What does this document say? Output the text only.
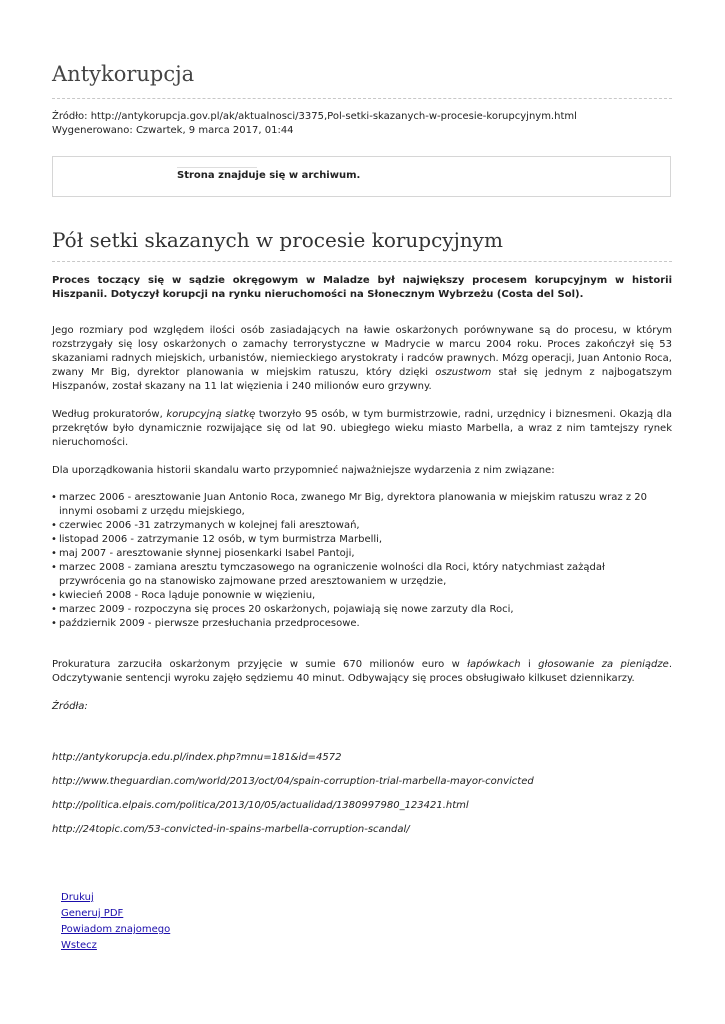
Antykorupcja
Źródło: http://antykorupcja.gov.pl/ak/aktualnosci/3375,Pol-setki-skazanych-w-procesie-korupcyjnym.html
Wygenerowano: Czwartek, 9 marca 2017, 01:44
Strona znajduje się w archiwum.
Pół setki skazanych w procesie korupcyjnym

Proces toczący się w sądzie okręgowym w Maladze był największy procesem korupcyjnym w historii Hiszpanii. Dotyczył korupcji na rynku nieruchomości na Słonecznym Wybrzeżu (Costa del Sol).

Jego rozmiary pod względem ilości osób zasiadających na ławie oskarżonych porównywane są do procesu, w którym rozstrzygały się losy oskarżonych o zamachy terrorystyczne w Madrycie w marcu 2004 roku. Proces zakończył się 53 skazaniami radnych miejskich, urbanistów, niemieckiego arystokraty i radców prawnych. Mózg operacji, Juan Antonio Roca, zwany Mr Big, dyrektor planowania w miejskim ratuszu, który dzięki oszustwom stał się jednym z najbogatszym Hiszpanów, został skazany na 11 lat więzienia i 240 milionów euro grzywny.

Według prokuratorów, korupcyjną siatkę tworzyło 95 osób, w tym burmistrzowie, radni, urzędnicy i biznesmeni. Okazją dla przekrętów było dynamicznie rozwijające się od lat 90. ubiegłego wieku miasto Marbella, a wraz z nim tamtejszy rynek nieruchomości.

Dla uporządkowania historii skandalu warto przypomnieć najważniejsze wydarzenia z nim związane:

• marzec 2006 - aresztowanie Juan Antonio Roca, zwanego Mr Big, dyrektora planowania w miejskim ratuszu wraz z 20 innymi osobami z urzędu miejskiego,
• czerwiec 2006 -31 zatrzymanych w kolejnej fali aresztowań,
• listopad 2006 - zatrzymanie 12 osób, w tym burmistrza Marbelli,
• maj 2007 - aresztowanie słynnej piosenkarki Isabel Pantoji,
• marzec 2008 - zamiana aresztu tymczasowego na ograniczenie wolności dla Roci, który natychmiast zażądał przywrócenia go na stanowisko zajmowane przed aresztowaniem w urzędzie,
• kwiecień 2008 - Roca ląduje ponownie w więzieniu,
• marzec 2009 - rozpoczyna się proces 20 oskarżonych, pojawiają się nowe zarzuty dla Roci,
• październik 2009 - pierwsze przesłuchania przedprocesowe.

Prokuratura zarzuciła oskarżonym przyjęcie w sumie 670 milionów euro w łapówkach i głosowanie za pieniądze. Odczytywanie sentencji wyroku zajęło sędziemu 40 minut. Odbywający się proces obsługiwało kilkuset dziennikarzy.

Źródła:

http://antykorupcja.edu.pl/index.php?mnu=181&id=4572

http://www.theguardian.com/world/2013/oct/04/spain-corruption-trial-marbella-mayor-convicted

http://politica.elpais.com/politica/2013/10/05/actualidad/1380997980_123421.html

http://24topic.com/53-convicted-in-spains-marbella-corruption-scandal/

Drukuj
Generuj PDF
Powiadom znajomego
Wstecz
